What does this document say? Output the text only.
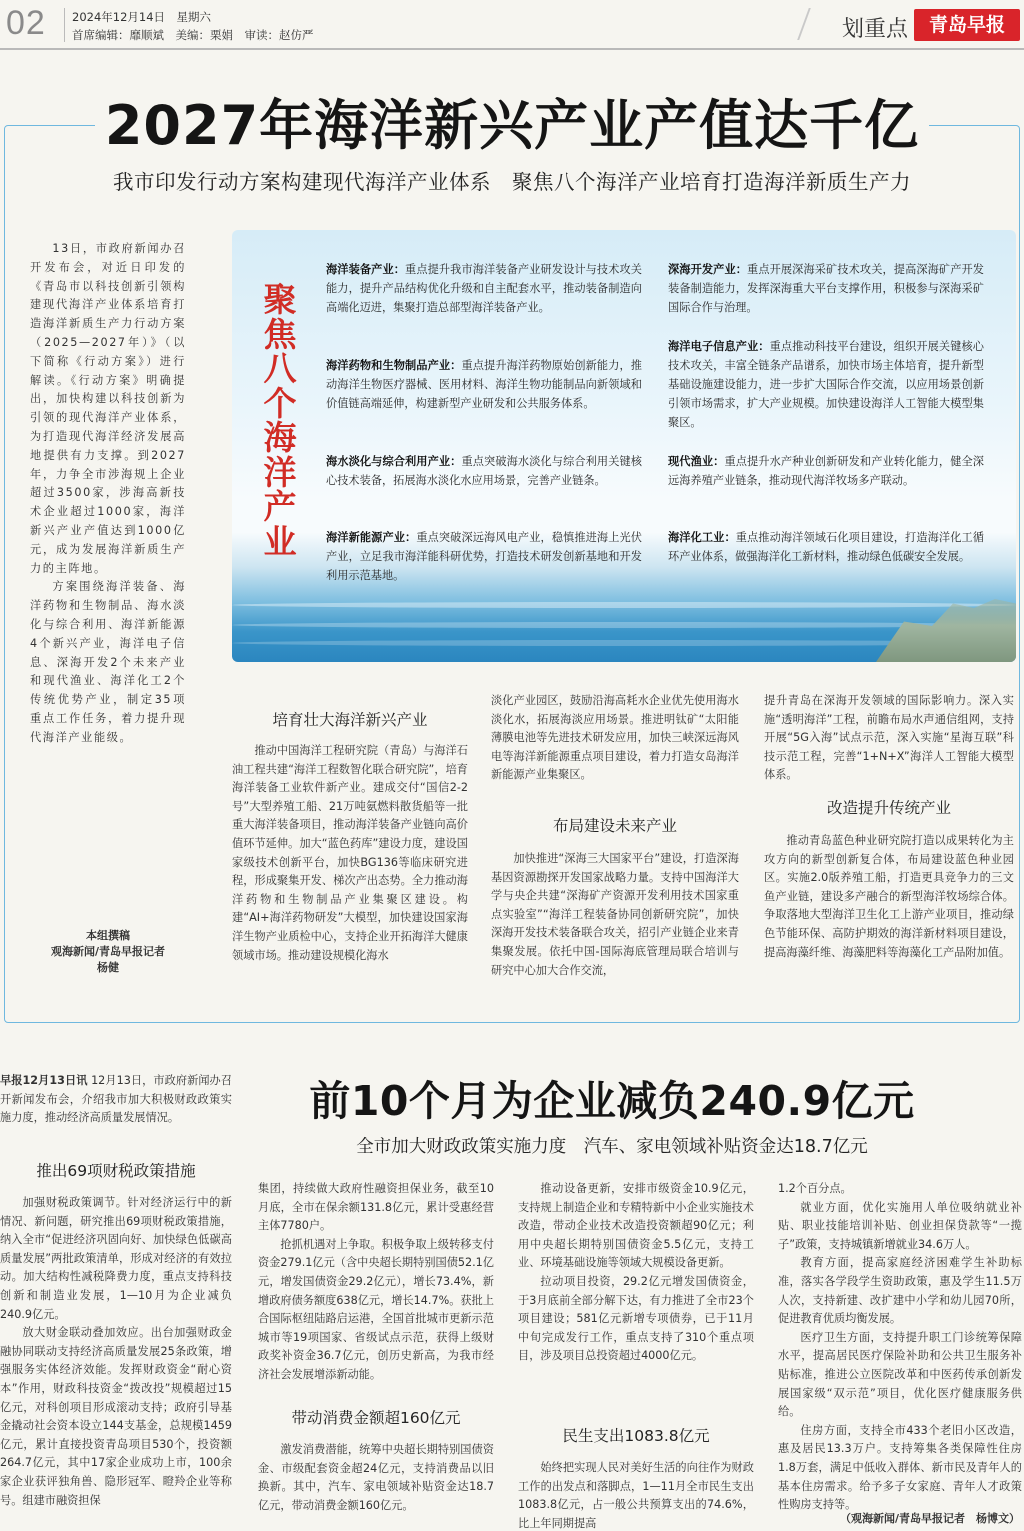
02 2024年12月14日　星期六
首席编辑：靡顺斌　美编：栗娟　审读：赵仿严	划重点	青岛早报
2027年海洋新兴产业产值达千亿
我市印发行动方案构建现代海洋产业体系　聚焦八个海洋产业培育打造海洋新质生产力

13日，市政府新闻办召开发布会，对近日印发的《青岛市以科技创新引领构建现代海洋产业体系培育打造海洋新质生产力行动方案（2025—2027年）》（以下简称《行动方案》）进行解读。《行动方案》明确提出，加快构建以科技创新为引领的现代海洋产业体系，为打造现代海洋经济发展高地提供有力支撑。到2027年，力争全市涉海规上企业超过3500家，涉海高新技术企业超过1000家，海洋新兴产业产值达到1000亿元，成为发展海洋新质生产力的主阵地。

方案围绕海洋装备、海洋药物和生物制品、海水淡化与综合利用、海洋新能源4个新兴产业，海洋电子信息、深海开发2个未来产业和现代渔业、海洋化工2个传统优势产业，制定35项重点工作任务，着力提升现代海洋产业能级。

本组撰稿
观海新闻/青岛早报记者
杨健
聚焦八个海洋产业
海洋装备产业：重点提升我市海洋装备产业研发设计与技术攻关能力，提升产品结构优化升级和自主配套水平，推动装备制造向高端化迈进，集聚打造总部型海洋装备产业。
海洋药物和生物制品产业：重点提升海洋药物原始创新能力，推动海洋生物医疗器械、医用材料、海洋生物功能制品向新领域和价值链高端延伸，构建新型产业研发和公共服务体系。
海水淡化与综合利用产业：重点突破海水淡化与综合利用关键核心技术装备，拓展海水淡化水应用场景，完善产业链条。
海洋新能源产业：重点突破深远海风电产业，稳慎推进海上光伏产业，立足我市海洋能科研优势，打造技术研发创新基地和开发利用示范基地。
深海开发产业：重点开展深海采矿技术攻关，提高深海矿产开发装备制造能力，发挥深海重大平台支撑作用，积极参与深海采矿国际合作与治理。
海洋电子信息产业：重点推动科技平台建设，组织开展关键核心技术攻关，丰富全链条产品谱系，加快市场主体培育，提升新型基础设施建设能力，进一步扩大国际合作交流，以应用场景创新引领市场需求，扩大产业规模。加快建设海洋人工智能大模型集聚区。
现代渔业：重点提升水产种业创新研发和产业转化能力，健全深远海养殖产业链条，推动现代海洋牧场多产联动。
海洋化工业：重点推动海洋领域石化项目建设，打造海洋化工循环产业体系，做强海洋化工新材料，推动绿色低碳安全发展。
培育壮大海洋新兴产业
推动中国海洋工程研究院（青岛）与海洋石油工程共建“海洋工程数智化联合研究院”，培育海洋装备工业软件新产业。建成交付“国信2-2号”大型养殖工船、21万吨氨燃料散货船等一批重大海洋装备项目，推动海洋装备产业链向高价值环节延伸。加大“蓝色药库”建设力度，建设国家级技术创新平台，加快BG136等临床研究进程，形成聚集开发、梯次产出态势。全力推动海洋药物和生物制品产业集聚区建设。构建“AI+海洋药物研发”大模型，加快建设国家海洋生物产业质检中心，支持企业开拓海洋大健康领域市场。推动建设规模化海水
淡化产业园区，鼓励沿海高耗水企业优先使用海水淡化水，拓展海淡应用场景。推进明钛矿“太阳能薄膜电池等先进技术研发应用，加快三峡深远海风电等海洋新能源重点项目建设，着力打造女岛海洋新能源产业集聚区。
布局建设未来产业
加快推进“深海三大国家平台”建设，打造深海基因资源勘探开发国家战略力量。支持中国海洋大学与央企共建“深海矿产资源开发利用技术国家重点实验室”“海洋工程装备协同创新研究院”，加快深海开发技术装备联合攻关，招引产业链企业来青集聚发展。依托中国-国际海底管理局联合培训与研究中心加大合作交流，
提升青岛在深海开发领域的国际影响力。深入实施“透明海洋”工程，前瞻布局水声通信组网，支持开展“5G入海”试点示范，深入实施“星海互联”科技示范工程，完善“1+N+X”海洋人工智能大模型体系。
改造提升传统产业
推动青岛蓝色种业研究院打造以成果转化为主攻方向的新型创新复合体，布局建设蓝色种业园区。实施2.0版养殖工船，打造更具竞争力的三文鱼产业链，建设多产融合的新型海洋牧场综合体。争取落地大型海洋卫生化工上游产业项目，推动绿色节能环保、高防护期效的海洋新材料项目建设，提高海藻纤维、海藻肥料等海藻化工产品附加值。
前10个月为企业减负240.9亿元
全市加大财政政策实施力度　汽车、家电领域补贴资金达18.7亿元
早报12月13日讯 12月13日，市政府新闻办召开新闻发布会，介绍我市加大积极财政政策实施力度，推动经济高质量发展情况。
推出69项财税政策措施

加强财税政策调节。针对经济运行中的新情况、新问题，研究推出69项财税政策措施，纳入全市“促进经济巩固向好、加快绿色低碳高质量发展”两批政策清单，形成对经济的有效拉动。加大结构性减税降费力度，重点支持科技创新和制造业发展，1—10月为企业减负240.9亿元。

放大财金联动叠加效应。出台加强财政金融协同联动支持经济高质量发展25条政策，增强服务实体经济效能。发挥财政资金“耐心资本”作用，财政科技资金“拨改投”规模超过15亿元，对科创项目形成滚动支持；政府引导基金撬动社会资本设立144支基金，总规模1459亿元，累计直接投资青岛项目530个，投资额264.7亿元，其中17家企业成功上市，100余家企业获评独角兽、隐形冠军、瞪羚企业等称号。组建市融资担保

集团，持续做大政府性融资担保业务，截至10月底，全市在保余额131.8亿元，累计受惠经营主体7780户。

抢抓机遇对上争取。积极争取上级转移支付资金279.1亿元（含中央超长期特别国债52.1亿元，增发国债资金29.2亿元），增长73.4%，新增政府债务额度638亿元，增长14.7%。获批上合国际枢纽陆路启运港，全国首批城市更新示范城市等19项国家、省级试点示范，获得上级财政奖补资金36.7亿元，创历史新高，为我市经济社会发展增添新动能。

带动消费金额超160亿元

激发消费潜能，统筹中央超长期特别国债资金、市级配套资金超24亿元，支持消费品以旧换新。其中，汽车、家电领域补贴资金达18.7亿元，带动消费金额160亿元。

推动设备更新，安排市级资金10.9亿元，支持规上制造企业和专精特新中小企业实施技术改造，带动企业技术改造投资额超90亿元；利用中央超长期特别国债资金5.5亿元，支持工业、环境基础设施等领域大规模设备更新。

拉动项目投资，29.2亿元增发国债资金，于3月底前全部分解下达，有力推进了全市23个项目建设；581亿元新增专项债券，已于11月中旬完成发行工作，重点支持了310个重点项目，涉及项目总投资超过4000亿元。

民生支出1083.8亿元

始终把实现人民对美好生活的向往作为财政工作的出发点和落脚点，1—11月全市民生支出1083.8亿元，占一般公共预算支出的74.6%，比上年同期提高

1.2个百分点。

就业方面，优化实施用人单位吸纳就业补贴、职业技能培训补贴、创业担保贷款等“一揽子”政策，支持城镇新增就业34.6万人。

教育方面，提高家庭经济困难学生补助标准，落实各学段学生资助政策，惠及学生11.5万人次，支持新建、改扩建中小学和幼儿园70所，促进教育优质均衡发展。

医疗卫生方面，支持提升职工门诊统筹保障水平，提高居民医疗保险补助和公共卫生服务补贴标准，推进公立医院改革和中医药传承创新发展国家级“双示范”项目，优化医疗健康服务供给。

住房方面，支持全市433个老旧小区改造，惠及居民13.3万户。支持筹集各类保障性住房1.8万套，满足中低收入群体、新市民及青年人的基本住房需求。给予多子女家庭、青年人才政策性购房支持等。

（观海新闻/青岛早报记者　杨博文）
